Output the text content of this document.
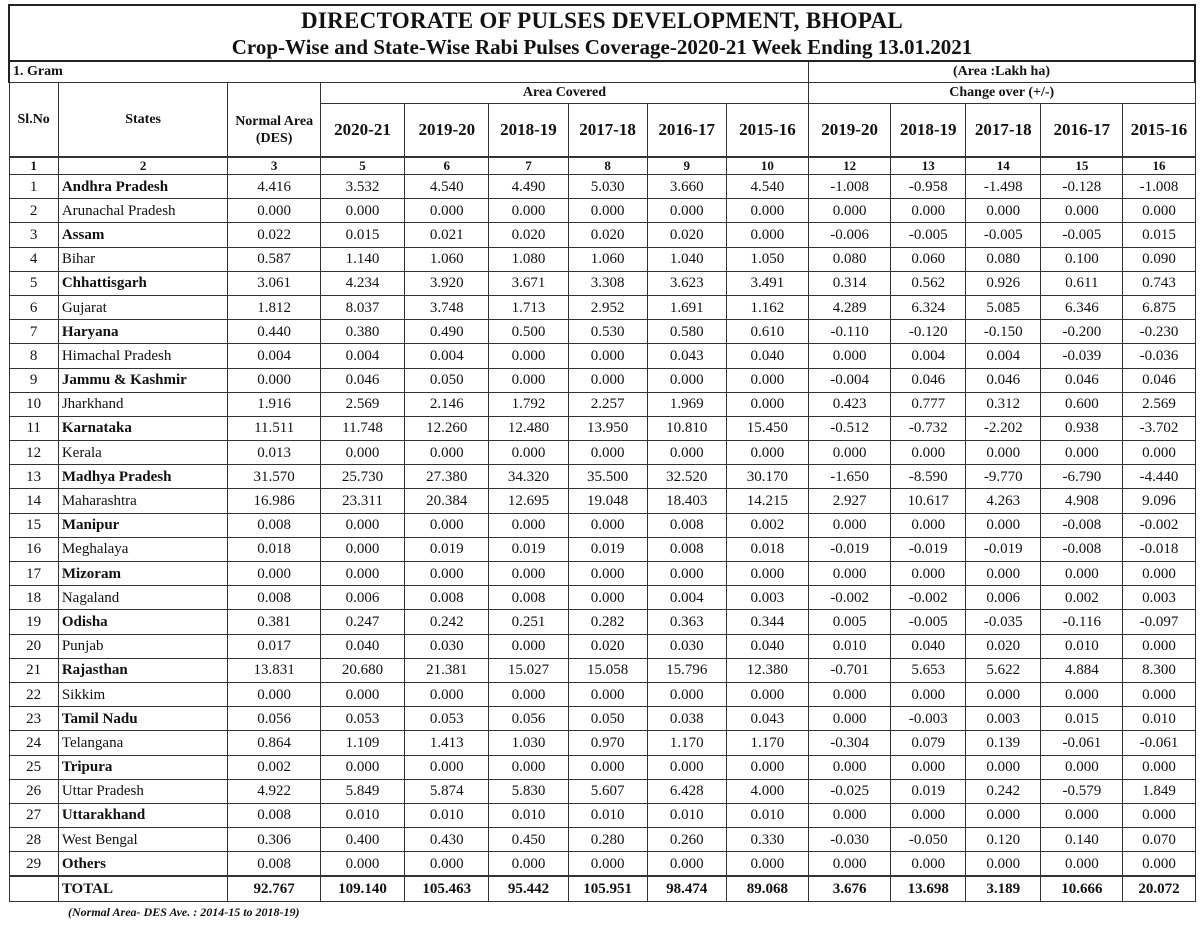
DIRECTORATE OF PULSES DEVELOPMENT, BHOPAL
Crop-Wise and State-Wise Rabi Pulses Coverage-2020-21 Week Ending 13.01.2021
1. Gram									(Area :Lakh ha)				
Sl.No	States		Area Covered						Change over (+/-)				
		Normal Area (DES)	2020-21	2019-20	2018-19	2017-18	2016-17	2015-16	2019-20	2018-19	2017-18	2016-17	2015-16
1	2	3	5	6	7	8	9	10	12	13	14	15	16
1	Andhra Pradesh	4.416	3.532	4.540	4.490	5.030	3.660	4.540	-1.008	-0.958	-1.498	-0.128	-1.008
2	Arunachal Pradesh	0.000	0.000	0.000	0.000	0.000	0.000	0.000	0.000	0.000	0.000	0.000	0.000
3	Assam	0.022	0.015	0.021	0.020	0.020	0.020	0.000	-0.006	-0.005	-0.005	-0.005	0.015
4	Bihar	0.587	1.140	1.060	1.080	1.060	1.040	1.050	0.080	0.060	0.080	0.100	0.090
5	Chhattisgarh	3.061	4.234	3.920	3.671	3.308	3.623	3.491	0.314	0.562	0.926	0.611	0.743
6	Gujarat	1.812	8.037	3.748	1.713	2.952	1.691	1.162	4.289	6.324	5.085	6.346	6.875
7	Haryana	0.440	0.380	0.490	0.500	0.530	0.580	0.610	-0.110	-0.120	-0.150	-0.200	-0.230
8	Himachal Pradesh	0.004	0.004	0.004	0.000	0.000	0.043	0.040	0.000	0.004	0.004	-0.039	-0.036
9	Jammu & Kashmir	0.000	0.046	0.050	0.000	0.000	0.000	0.000	-0.004	0.046	0.046	0.046	0.046
10	Jharkhand	1.916	2.569	2.146	1.792	2.257	1.969	0.000	0.423	0.777	0.312	0.600	2.569
11	Karnataka	11.511	11.748	12.260	12.480	13.950	10.810	15.450	-0.512	-0.732	-2.202	0.938	-3.702
12	Kerala	0.013	0.000	0.000	0.000	0.000	0.000	0.000	0.000	0.000	0.000	0.000	0.000
13	Madhya Pradesh	31.570	25.730	27.380	34.320	35.500	32.520	30.170	-1.650	-8.590	-9.770	-6.790	-4.440
14	Maharashtra	16.986	23.311	20.384	12.695	19.048	18.403	14.215	2.927	10.617	4.263	4.908	9.096
15	Manipur	0.008	0.000	0.000	0.000	0.000	0.008	0.002	0.000	0.000	0.000	-0.008	-0.002
16	Meghalaya	0.018	0.000	0.019	0.019	0.019	0.008	0.018	-0.019	-0.019	-0.019	-0.008	-0.018
17	Mizoram	0.000	0.000	0.000	0.000	0.000	0.000	0.000	0.000	0.000	0.000	0.000	0.000
18	Nagaland	0.008	0.006	0.008	0.008	0.000	0.004	0.003	-0.002	-0.002	0.006	0.002	0.003
19	Odisha	0.381	0.247	0.242	0.251	0.282	0.363	0.344	0.005	-0.005	-0.035	-0.116	-0.097
20	Punjab	0.017	0.040	0.030	0.000	0.020	0.030	0.040	0.010	0.040	0.020	0.010	0.000
21	Rajasthan	13.831	20.680	21.381	15.027	15.058	15.796	12.380	-0.701	5.653	5.622	4.884	8.300
22	Sikkim	0.000	0.000	0.000	0.000	0.000	0.000	0.000	0.000	0.000	0.000	0.000	0.000
23	Tamil Nadu	0.056	0.053	0.053	0.056	0.050	0.038	0.043	0.000	-0.003	0.003	0.015	0.010
24	Telangana	0.864	1.109	1.413	1.030	0.970	1.170	1.170	-0.304	0.079	0.139	-0.061	-0.061
25	Tripura	0.002	0.000	0.000	0.000	0.000	0.000	0.000	0.000	0.000	0.000	0.000	0.000
26	Uttar Pradesh	4.922	5.849	5.874	5.830	5.607	6.428	4.000	-0.025	0.019	0.242	-0.579	1.849
27	Uttarakhand	0.008	0.010	0.010	0.010	0.010	0.010	0.010	0.000	0.000	0.000	0.000	0.000
28	West Bengal	0.306	0.400	0.430	0.450	0.280	0.260	0.330	-0.030	-0.050	0.120	0.140	0.070
29	Others	0.008	0.000	0.000	0.000	0.000	0.000	0.000	0.000	0.000	0.000	0.000	0.000
	TOTAL	92.767	109.140	105.463	95.442	105.951	98.474	89.068	3.676	13.698	3.189	10.666	20.072
(Normal Area- DES Ave. : 2014-15 to 2018-19)
